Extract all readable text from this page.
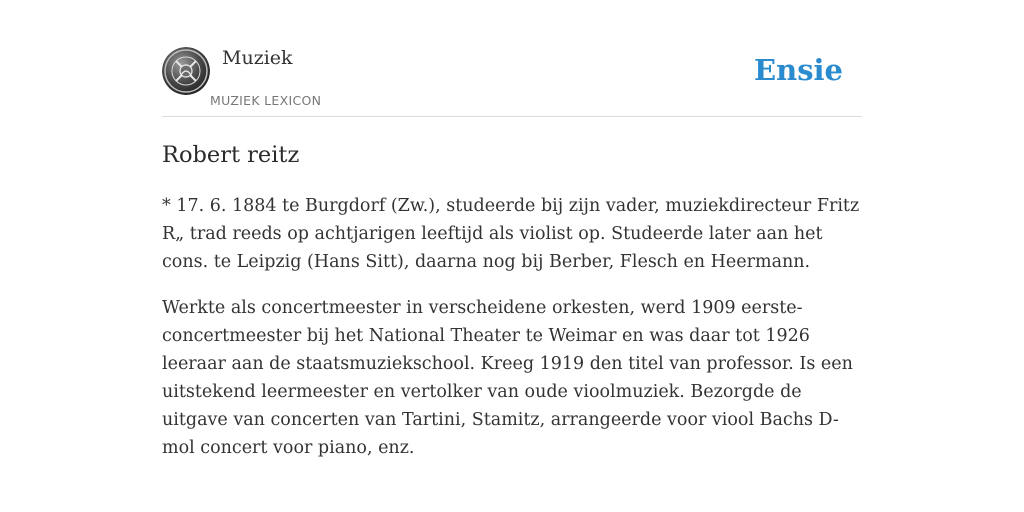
Muziek
MUZIEK LEXICON
Ensie
Robert reitz

* 17. 6. 1884 te Burgdorf (Zw.), studeerde bij zijn vader, muziekdirecteur Fritz R„ trad reeds op achtjarigen leeftijd als violist op. Studeerde later aan het cons. te Leipzig (Hans Sitt), daarna nog bij Berber, Flesch en Heermann.

Werkte als concertmeester in verscheidene orkesten, werd 1909 eerste-concertmeester bij het National Theater te Weimar en was daar tot 1926 leeraar aan de staatsmuziekschool. Kreeg 1919 den titel van professor. Is een uitstekend leermeester en vertolker van oude vioolmuziek. Bezorgde de uitgave van concerten van Tartini, Stamitz, arrangeerde voor viool Bachs D-mol concert voor piano, enz.
